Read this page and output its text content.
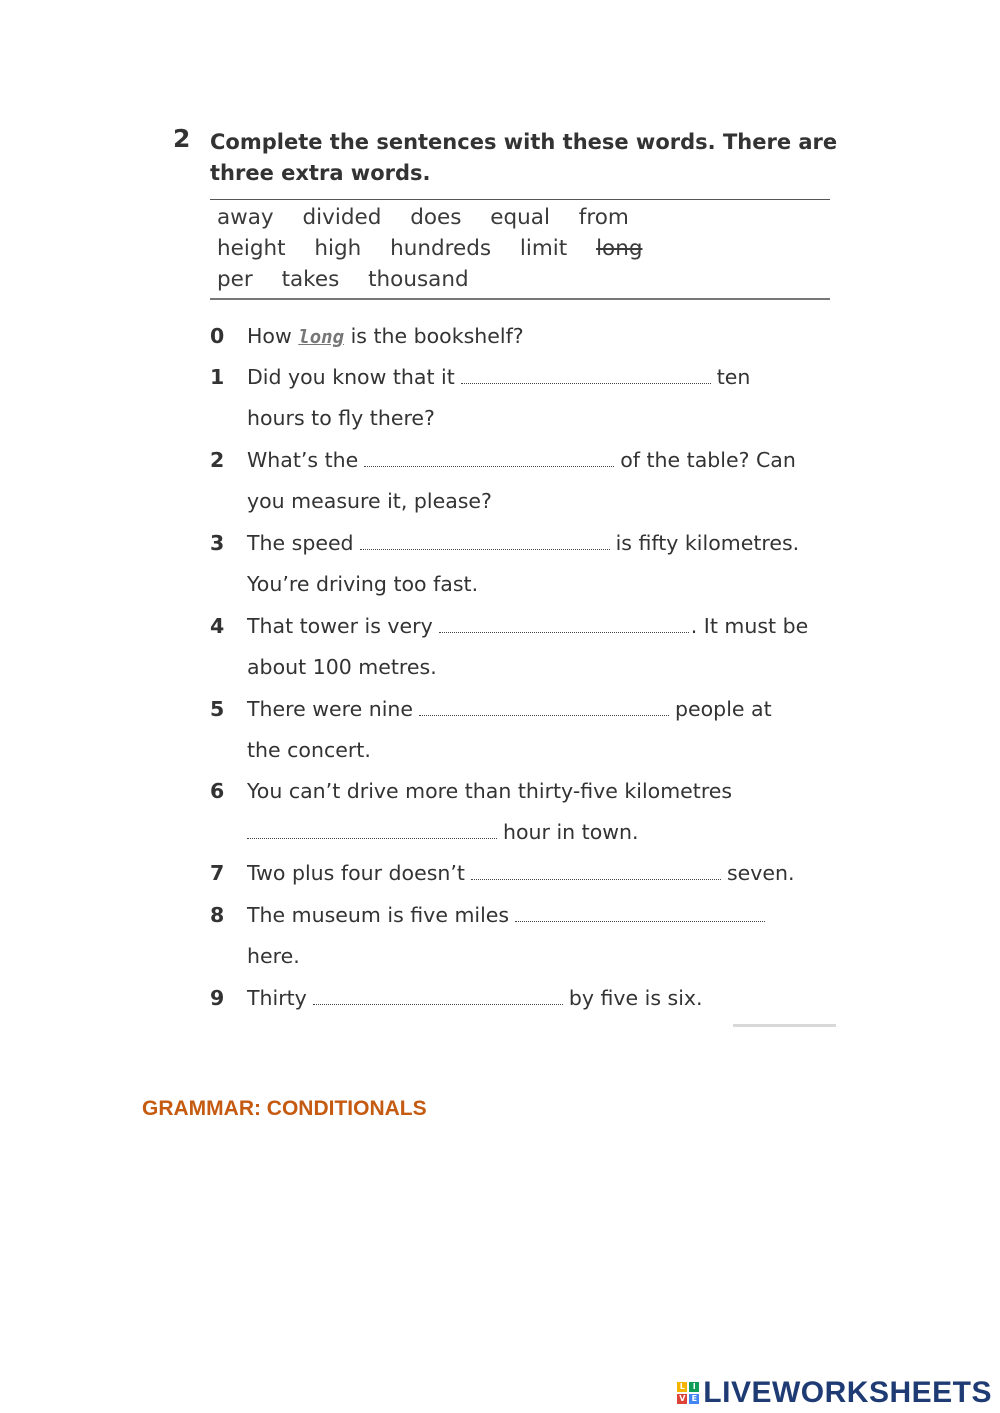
2 Complete the sentences with these words. There are three extra words.
away divided does equal from
height high hundreds limit long
per takes thousand
0	How long is the bookshelf?
1	Did you know that it	ten
hours to fly there?
2	What’s the	of the table? Can
you measure it, please?
3	The speed	is fifty kilometres.
You’re driving too fast.
4	That tower is very	. It must be
about 100 metres.
5	There were nine	people at
the concert.
6	You can’t drive more than thirty-five kilometres
hour in town.
7	Two plus four doesn’t	seven.
8	The museum is five miles
here.
9	Thirty	by five is six.
GRAMMAR: CONDITIONALS
L I
V E LIVEWORKSHEETS
